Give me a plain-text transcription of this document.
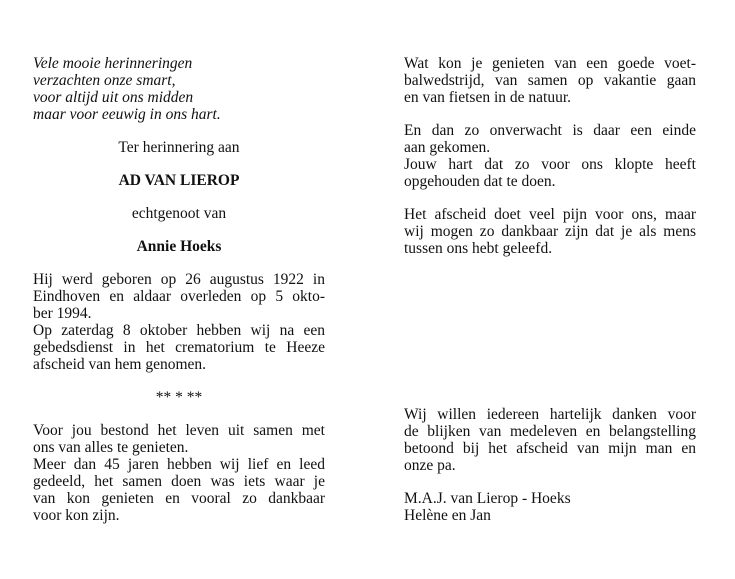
Vele mooie herinneringen
verzachten onze smart,
voor altijd uit ons midden
maar voor eeuwig in ons hart.
Ter herinnering aan
AD VAN LIEROP
echtgenoot van
Annie Hoeks
Hij werd geboren op 26 augustus 1922 in
Eindhoven en aldaar overleden op 5 okto-
ber 1994.
Op zaterdag 8 oktober hebben wij na een
gebedsdienst in het crematorium te Heeze
afscheid van hem genomen.
** * **
Voor jou bestond het leven uit samen met
ons van alles te genieten.
Meer dan 45 jaren hebben wij lief en leed
gedeeld, het samen doen was iets waar je
van kon genieten en vooral zo dankbaar
voor kon zijn.
Wat kon je genieten van een goede voet-
balwedstrijd, van samen op vakantie gaan
en van fietsen in de natuur.
En dan zo onverwacht is daar een einde
aan gekomen.
Jouw hart dat zo voor ons klopte heeft
opgehouden dat te doen.
Het afscheid doet veel pijn voor ons, maar
wij mogen zo dankbaar zijn dat je als mens
tussen ons hebt geleefd.
Wij willen iedereen hartelijk danken voor
de blijken van medeleven en belangstelling
betoond bij het afscheid van mijn man en
onze pa.
M.A.J. van Lierop - Hoeks
Helène en Jan
